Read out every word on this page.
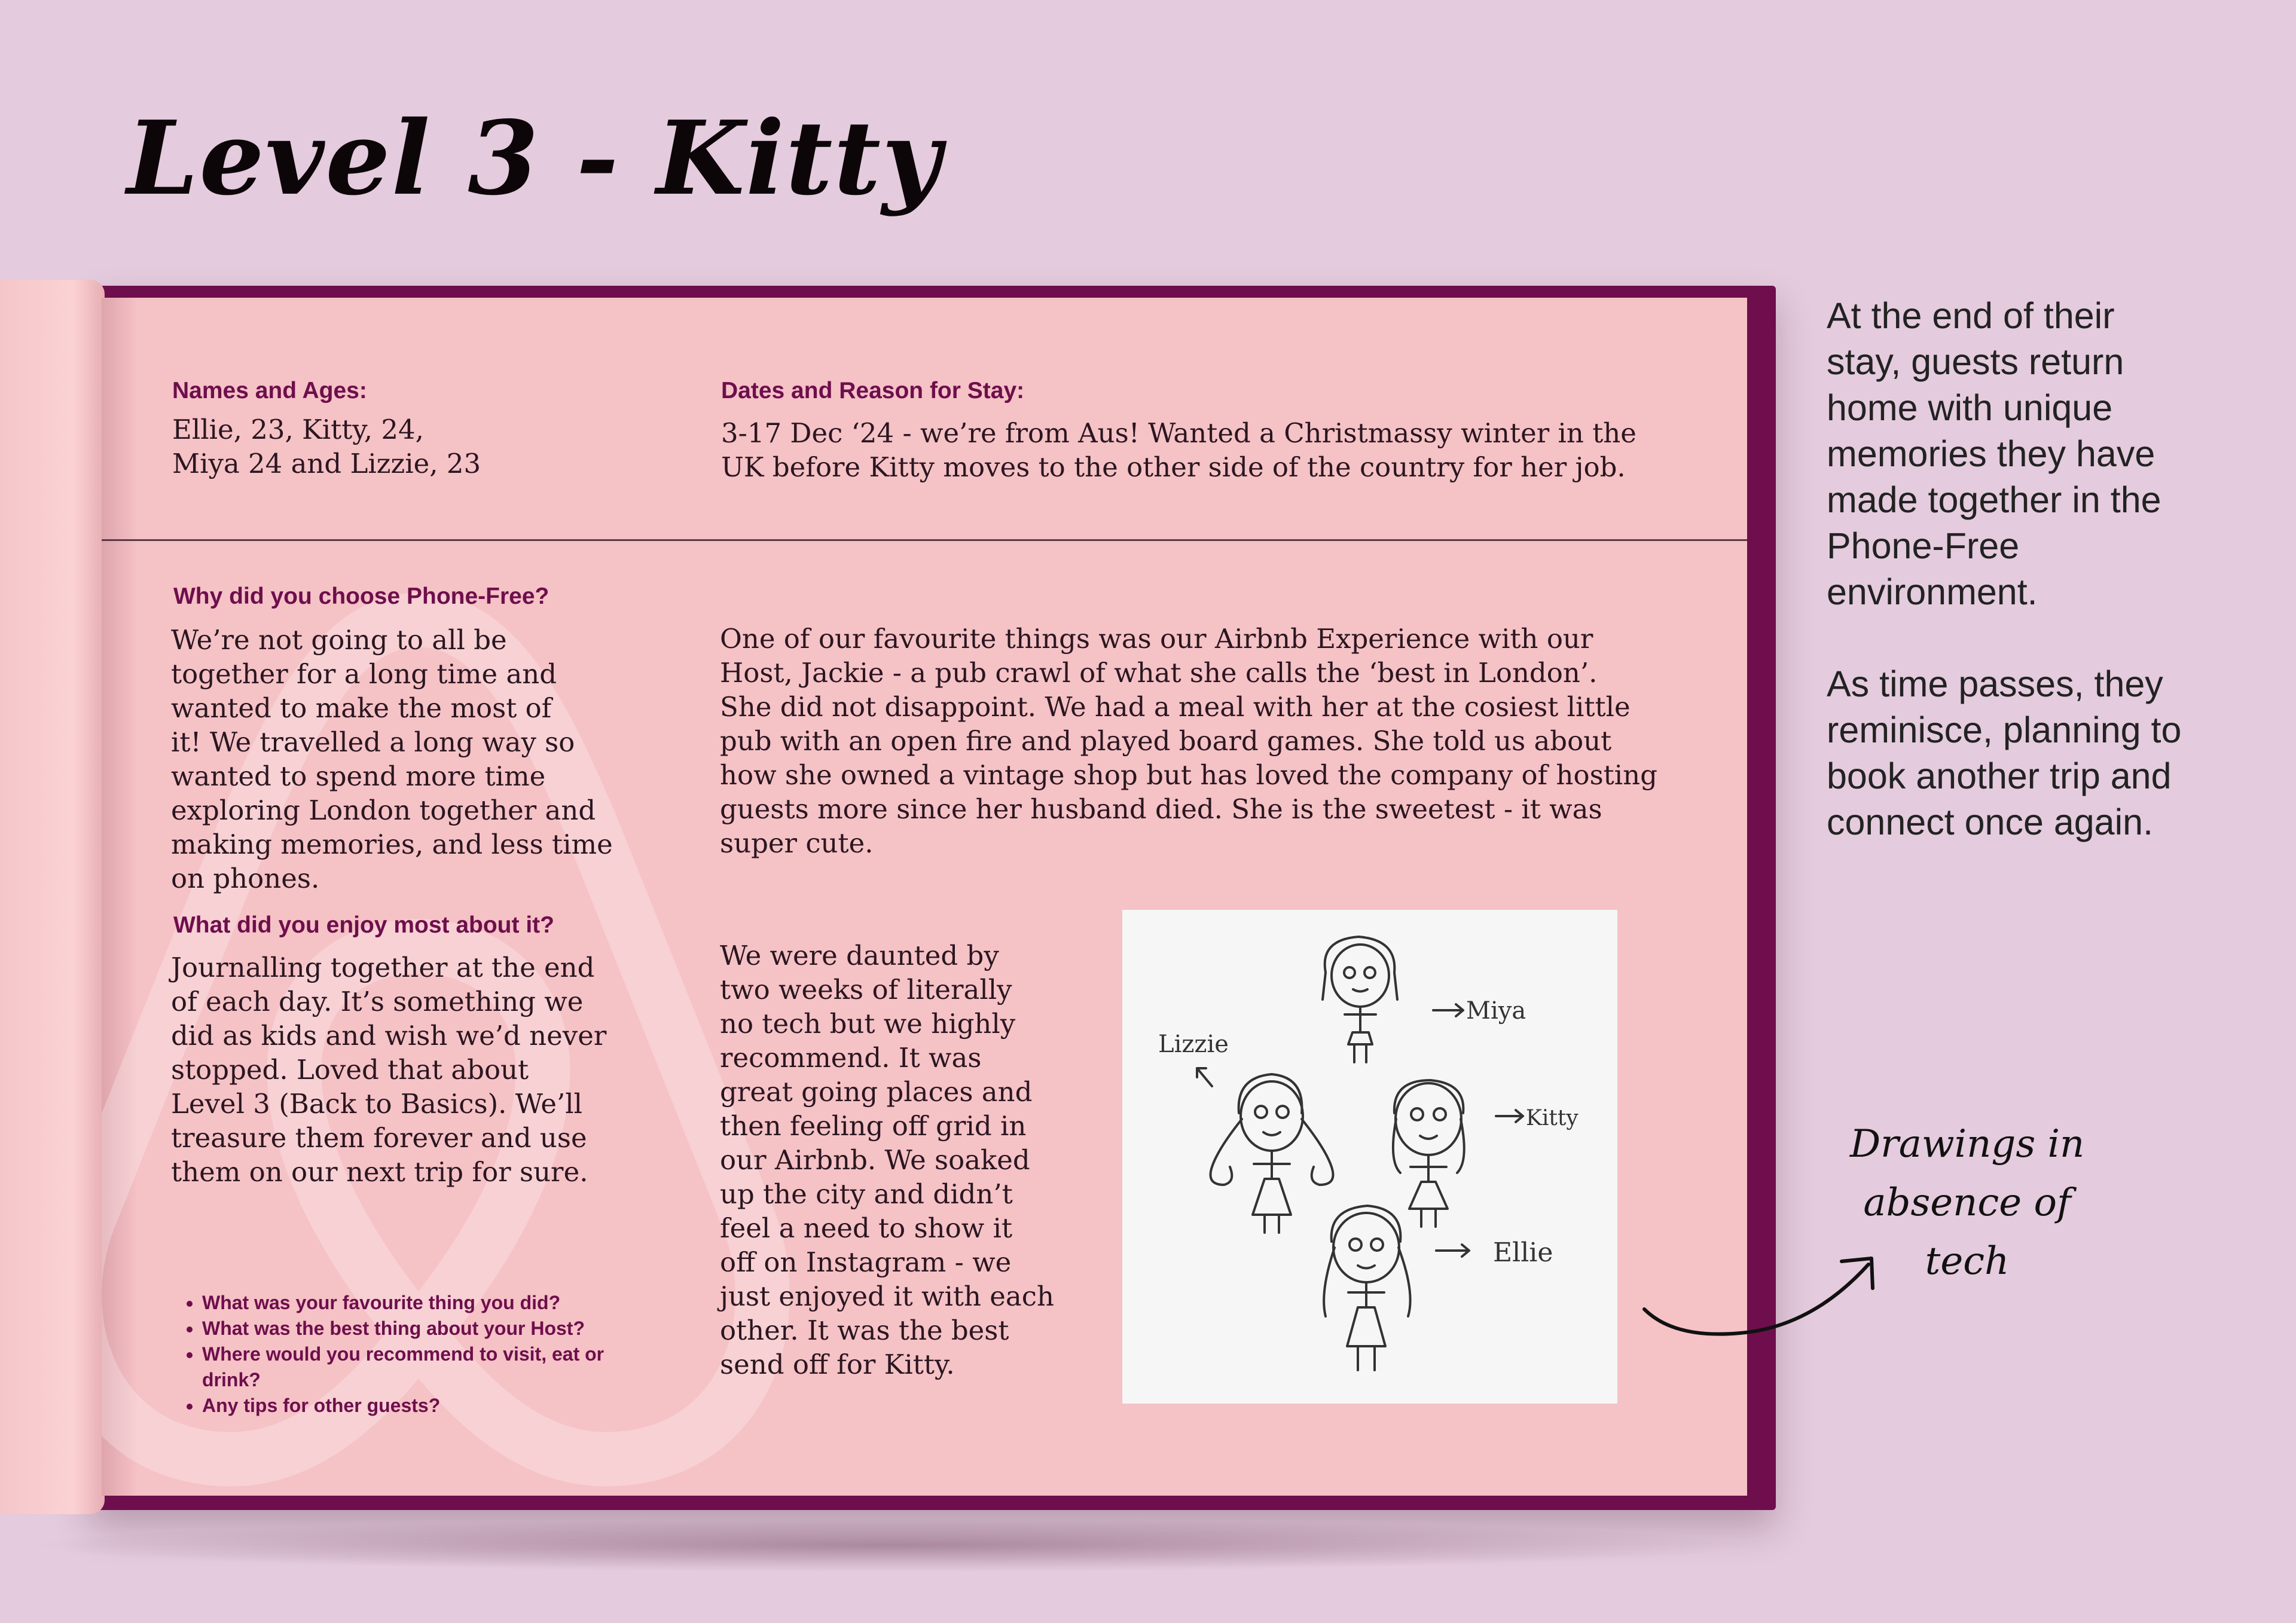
Level 3 - Kitty
Names and Ages:
Ellie, 23, Kitty, 24,
Miya 24 and Lizzie, 23
Dates and Reason for Stay:
3-17 Dec ‘24 - we’re from Aus! Wanted a Christmassy winter in the
UK before Kitty moves to the other side of the country for her job.
Why did you choose Phone-Free?
We’re not going to all be
together for a long time and
wanted to make the most of
it! We travelled a long way so
wanted to spend more time
exploring London together and
making memories, and less time
on phones.
What did you enjoy most about it?
Journalling together at the end
of each day. It’s something we
did as kids and wish we’d never
stopped. Loved that about
Level 3 (Back to Basics). We’ll
treasure them forever and use
them on our next trip for sure.
• What was your favourite thing you did?
• What was the best thing about your Host?
• Where would you recommend to visit, eat or drink?
• Any tips for other guests?
One of our favourite things was our Airbnb Experience with our
Host, Jackie - a pub crawl of what she calls the ‘best in London’.
She did not disappoint. We had a meal with her at the cosiest little
pub with an open fire and played board games. She told us about
how she owned a vintage shop but has loved the company of hosting
guests more since her husband died. She is the sweetest - it was
super cute.
We were daunted by
two weeks of literally
no tech but we highly
recommend. It was
great going places and
then feeling off grid in
our Airbnb. We soaked
up the city and didn’t
feel a need to show it
off on Instagram - we
just enjoyed it with each
other. It was the best
send off for Kitty.
Miya
Lizzie
Kitty
Ellie

At the end of their stay, guests return home with unique memories they have made together in the Phone-Free environment.

As time passes, they reminisce, planning to book another trip and connect once again.

Drawings in
absence of tech
